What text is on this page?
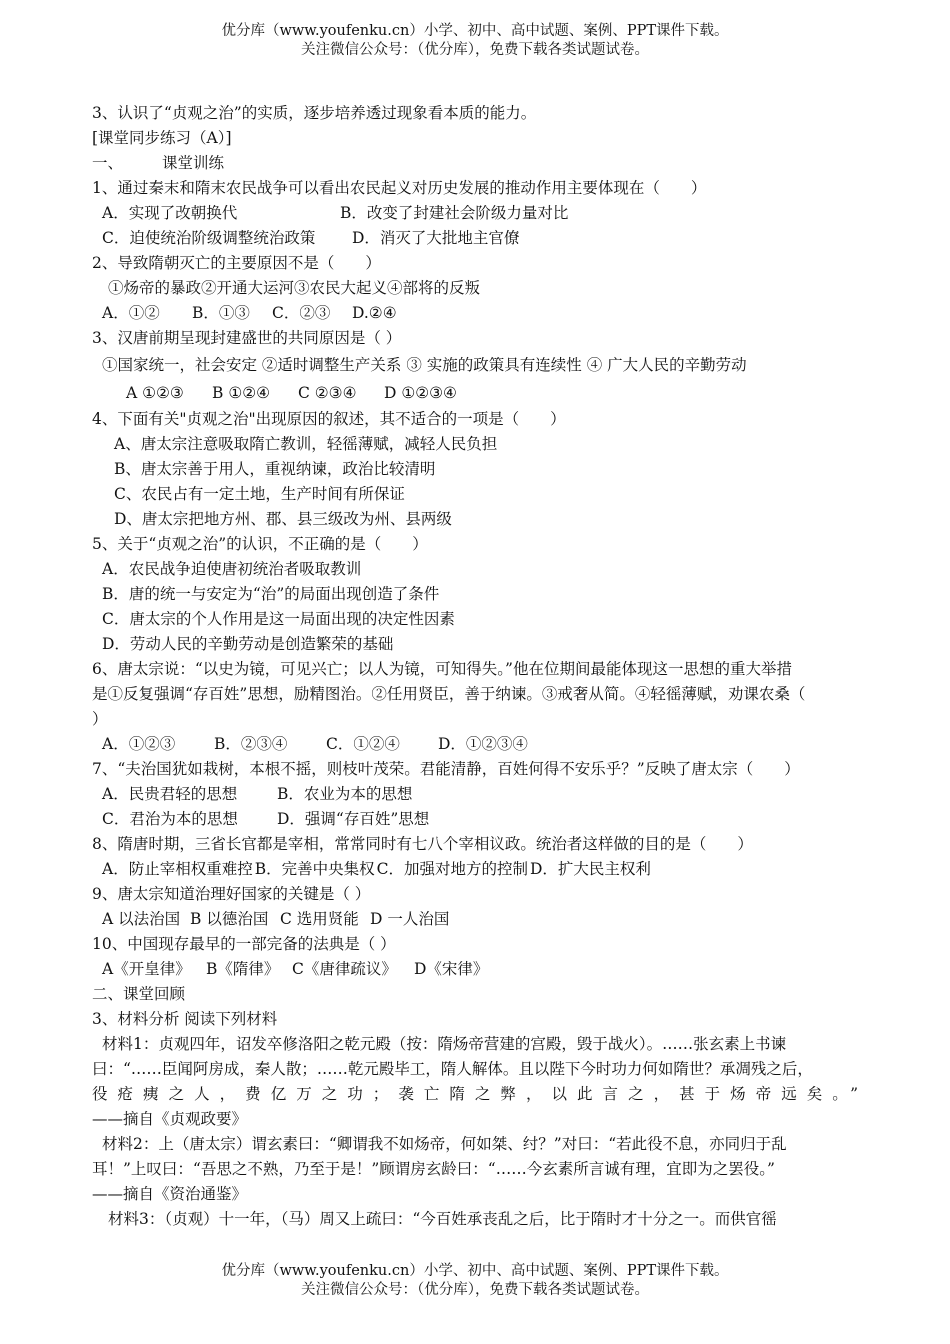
优分库（www.youfenku.cn）小学、初中、高中试题、案例、PPT课件下载。
关注微信公众号：（优分库），免费下载各类试题试卷。
3、认识了“贞观之治”的实质，逐步培养透过现象看本质的能力。
[课堂同步练习（A）]
一、	课堂训练
1、通过秦末和隋末农民战争可以看出农民起义对历史发展的推动作用主要体现在（　　）
A．实现了改朝换代	B．改变了封建社会阶级力量对比
C．迫使统治阶级调整统治政策 D．消灭了大批地主官僚
2、导致隋朝灭亡的主要原因不是（　　）
①炀帝的暴政②开通大运河③农民大起义④部将的反叛
A．①② B．①③ C．②③ D.②④
3、汉唐前期呈现封建盛世的共同原因是（ ）
①国家统一，社会安定 ②适时调整生产关系 ③ 实施的政策具有连续性 ④ 广大人民的辛勤劳动
A ①②③ B ①②④ C ②③④ D ①②③④
4、下面有关"贞观之治"出现原因的叙述，其不适合的一项是（　　）
A、唐太宗注意吸取隋亡教训，轻徭薄赋，减轻人民负担
B、唐太宗善于用人，重视纳谏，政治比较清明
C、农民占有一定土地，生产时间有所保证
D、唐太宗把地方州、郡、县三级改为州、县两级
5、关于“贞观之治”的认识，不正确的是（　　）
A．农民战争迫使唐初统治者吸取教训
B．唐的统一与安定为“治”的局面出现创造了条件
C．唐太宗的个人作用是这一局面出现的决定性因素
D．劳动人民的辛勤劳动是创造繁荣的基础
6、唐太宗说：“以史为镜，可见兴亡；以人为镜，可知得失。”他在位期间最能体现这一思想的重大举措
是①反复强调“存百姓”思想，励精图治。②任用贤臣，善于纳谏。③戒奢从简。④轻徭薄赋，劝课农桑（
）
A．①②③	B．②③④ C．①②④ D．①②③④
7、“夫治国犹如栽树，本根不摇，则枝叶茂荣。君能清静，百姓何得不安乐乎？”反映了唐太宗（　　）
A．民贵君轻的思想	B．农业为本的思想
C．君治为本的思想	D．强调“存百姓”思想
8、隋唐时期，三省长官都是宰相，常常同时有七八个宰相议政。统治者这样做的目的是（　　）
A．防止宰相权重难控 B．完善中央集权 C．加强对地方的控制 D．扩大民主权利
9、唐太宗知道治理好国家的关键是（ ）
A 以法治国 B 以德治国 C 选用贤能 D 一人治国
10、中国现存最早的一部完备的法典是（ ）
A《开皇律》 B《隋律》 C《唐律疏议》 D《宋律》
二、课堂回顾
3、材料分析 阅读下列材料
材料1：贞观四年，诏发卒修洛阳之乾元殿（按：隋炀帝营建的宫殿，毁于战火）。……张玄素上书谏
曰：“……臣闻阿房成，秦人散；……乾元殿毕工，隋人解体。且以陛下今时功力何如隋世？承凋残之后，
役疮痍之人，费亿万之功；袭亡隋之弊，以此言之，甚于炀帝远矣。”
——摘自《贞观政要》
材料2：上（唐太宗）谓玄素曰：“卿谓我不如炀帝，何如桀、纣？”对曰：“若此役不息，亦同归于乱
耳！”上叹曰：“吾思之不熟，乃至于是！”顾谓房玄龄曰：“……今玄素所言诚有理，宜即为之罢役。”
——摘自《资治通鉴》
材料3：（贞观）十一年，（马）周又上疏曰：“今百姓承丧乱之后，比于隋时才十分之一。而供官徭
优分库（www.youfenku.cn）小学、初中、高中试题、案例、PPT课件下载。
关注微信公众号：（优分库），免费下载各类试题试卷。
